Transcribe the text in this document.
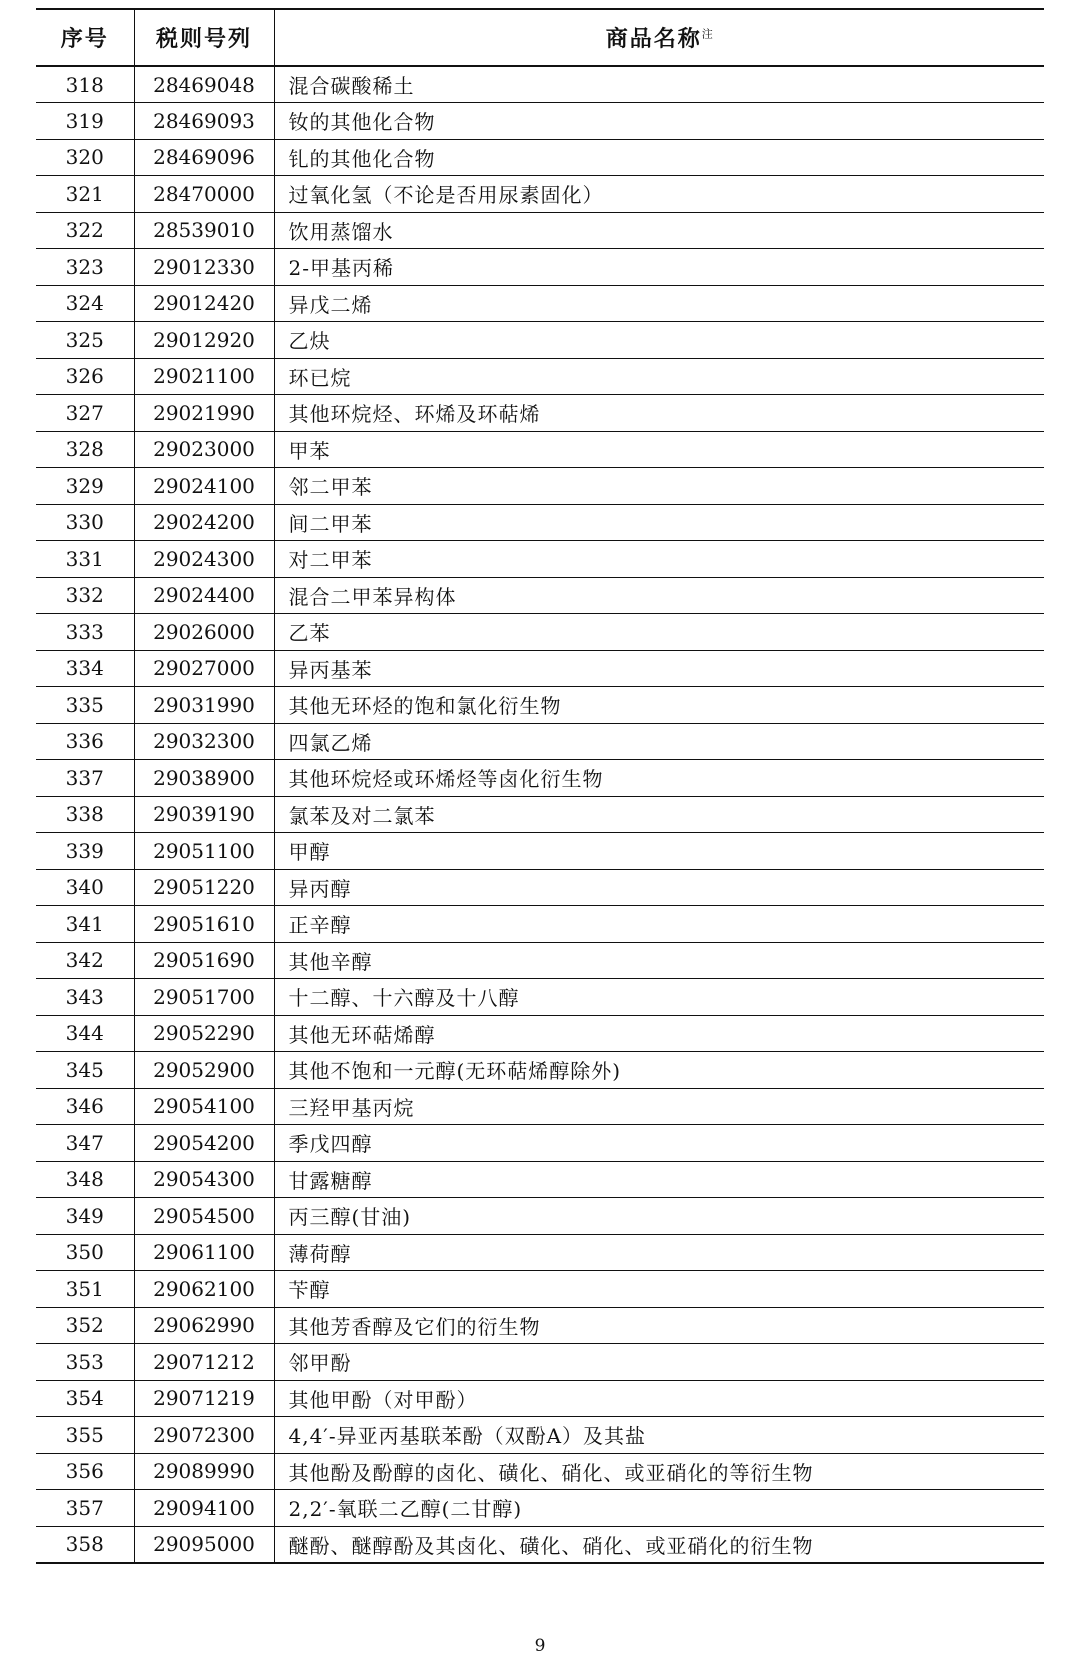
序号	税则号列	商品名称$^注$
318	28469048	混合碳酸稀土
319	28469093	钕的其他化合物
320	28469096	钆的其他化合物
321	28470000	过氧化氢（不论是否用尿素固化）
322	28539010	饮用蒸馏水
323	29012330	2-甲基丙稀
324	29012420	异戊二烯
325	29012920	乙炔
326	29021100	环已烷
327	29021990	其他环烷烃、环烯及环萜烯
328	29023000	甲苯
329	29024100	邻二甲苯
330	29024200	间二甲苯
331	29024300	对二甲苯
332	29024400	混合二甲苯异构体
333	29026000	乙苯
334	29027000	异丙基苯
335	29031990	其他无环烃的饱和氯化衍生物
336	29032300	四氯乙烯
337	29038900	其他环烷烃或环烯烃等卤化衍生物
338	29039190	氯苯及对二氯苯
339	29051100	甲醇
340	29051220	异丙醇
341	29051610	正辛醇
342	29051690	其他辛醇
343	29051700	十二醇、十六醇及十八醇
344	29052290	其他无环萜烯醇
345	29052900	其他不饱和一元醇(无环萜烯醇除外)
346	29054100	三羟甲基丙烷
347	29054200	季戊四醇
348	29054300	甘露糖醇
349	29054500	丙三醇(甘油)
350	29061100	薄荷醇
351	29062100	苄醇
352	29062990	其他芳香醇及它们的衍生物
353	29071212	邻甲酚
354	29071219	其他甲酚（对甲酚）
355	29072300	4,4′-异亚丙基联苯酚（双酚A）及其盐
356	29089990	其他酚及酚醇的卤化、磺化、硝化、或亚硝化的等衍生物
357	29094100	2,2′-氧联二乙醇(二甘醇)
358	29095000	醚酚、醚醇酚及其卤化、磺化、硝化、或亚硝化的衍生物
9
